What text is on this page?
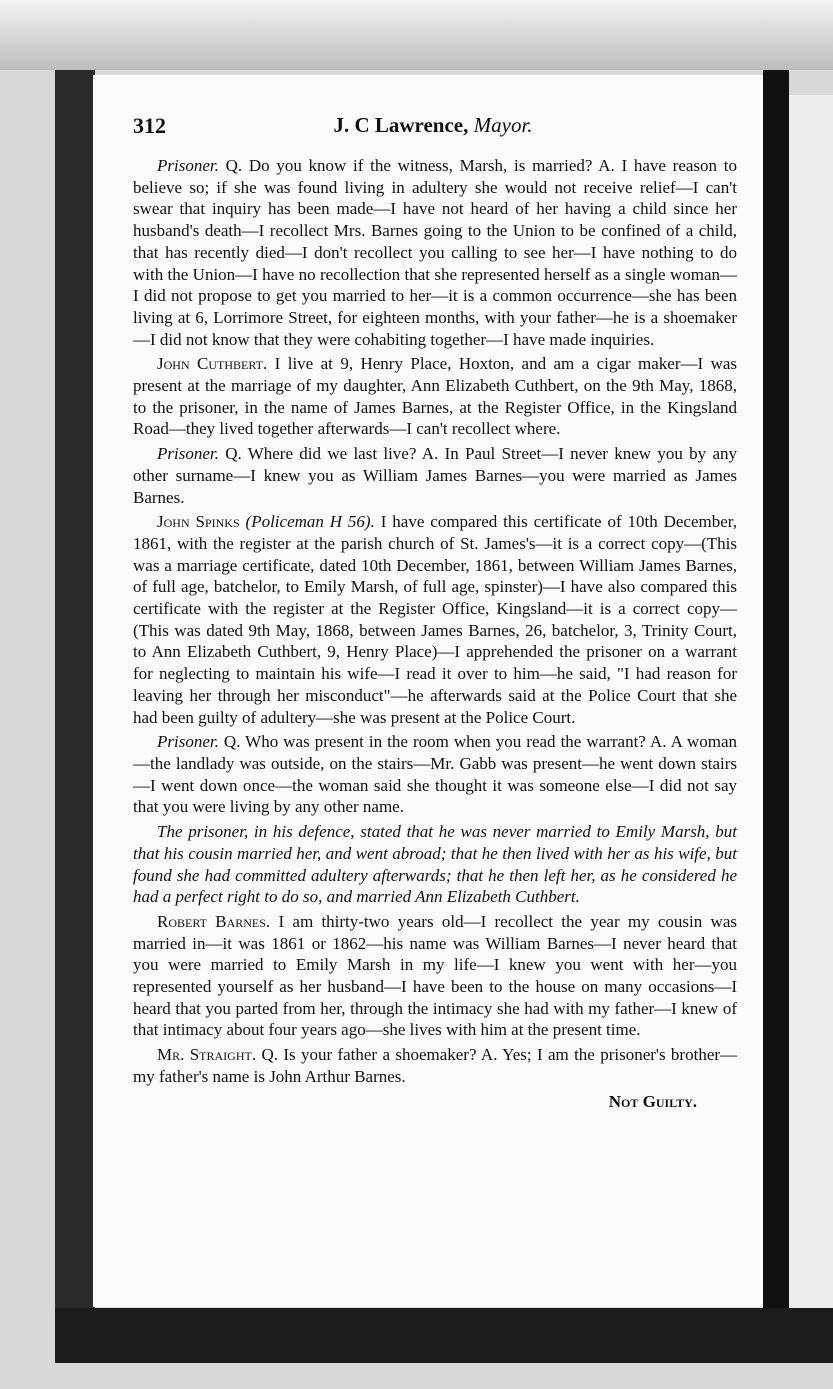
312	J. C Lawrence, Mayor.

Prisoner. Q. Do you know if the witness, Marsh, is married? A. I have reason to believe so; if she was found living in adultery she would not receive relief—I can't swear that inquiry has been made—I have not heard of her having a child since her husband's death—I recollect Mrs. Barnes going to the Union to be confined of a child, that has recently died—I don't recollect you calling to see her—I have nothing to do with the Union—I have no recollection that she represented herself as a single woman—I did not propose to get you married to her—it is a common occurrence—she has been living at 6, Lorrimore Street, for eighteen months, with your father—he is a shoemaker—I did not know that they were cohabiting together—I have made inquiries.

John Cuthbert. I live at 9, Henry Place, Hoxton, and am a cigar maker—I was present at the marriage of my daughter, Ann Elizabeth Cuthbert, on the 9th May, 1868, to the prisoner, in the name of James Barnes, at the Register Office, in the Kingsland Road—they lived together afterwards—I can't recollect where.

Prisoner. Q. Where did we last live? A. In Paul Street—I never knew you by any other surname—I knew you as William James Barnes—you were married as James Barnes.

John Spinks (Policeman H 56). I have compared this certificate of 10th December, 1861, with the register at the parish church of St. James's—it is a correct copy—(This was a marriage certificate, dated 10th December, 1861, between William James Barnes, of full age, batchelor, to Emily Marsh, of full age, spinster)—I have also compared this certificate with the register at the Register Office, Kingsland—it is a correct copy—(This was dated 9th May, 1868, between James Barnes, 26, batchelor, 3, Trinity Court, to Ann Elizabeth Cuthbert, 9, Henry Place)—I apprehended the prisoner on a warrant for neglecting to maintain his wife—I read it over to him—he said, "I had reason for leaving her through her misconduct"—he afterwards said at the Police Court that she had been guilty of adultery—she was present at the Police Court.

Prisoner. Q. Who was present in the room when you read the warrant? A. A woman—the landlady was outside, on the stairs—Mr. Gabb was present—he went down stairs—I went down once—the woman said she thought it was someone else—I did not say that you were living by any other name.

The prisoner, in his defence, stated that he was never married to Emily Marsh, but that his cousin married her, and went abroad; that he then lived with her as his wife, but found she had committed adultery afterwards; that he then left her, as he considered he had a perfect right to do so, and married Ann Elizabeth Cuthbert.

Robert Barnes. I am thirty-two years old—I recollect the year my cousin was married in—it was 1861 or 1862—his name was William Barnes—I never heard that you were married to Emily Marsh in my life—I knew you went with her—you represented yourself as her husband—I have been to the house on many occasions—I heard that you parted from her, through the intimacy she had with my father—I knew of that intimacy about four years ago—she lives with him at the present time.

Mr. Straight. Q. Is your father a shoemaker? A. Yes; I am the prisoner's brother—my father's name is John Arthur Barnes.

Not Guilty.
